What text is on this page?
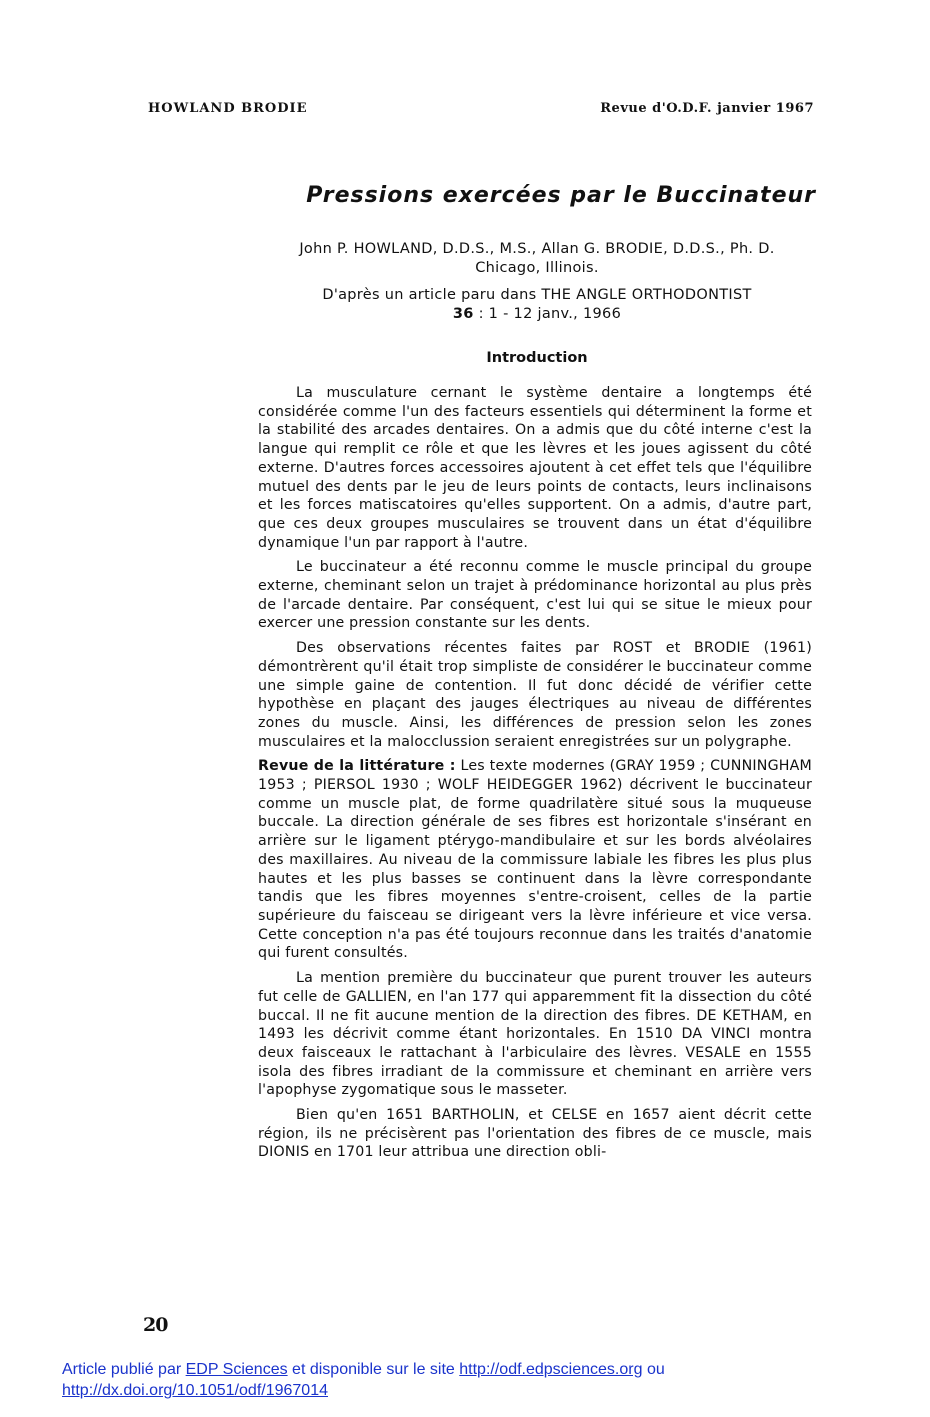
HOWLAND BRODIE	Revue d'O.D.F. janvier 1967
Pressions exercées par le Buccinateur
John P. HOWLAND, D.D.S., M.S., Allan G. BRODIE, D.D.S., Ph. D.
Chicago, Illinois.
D'après un article paru dans THE ANGLE ORTHODONTIST
36 : 1 - 12 janv., 1966
Introduction

La musculature cernant le système dentaire a longtemps été considérée comme l'un des facteurs essentiels qui déterminent la forme et la stabilité des arcades dentaires. On a admis que du côté interne c'est la langue qui remplit ce rôle et que les lèvres et les joues agissent du côté externe. D'autres forces accessoires ajoutent à cet effet tels que l'équilibre mutuel des dents par le jeu de leurs points de contacts, leurs inclinaisons et les forces matiscatoires qu'elles supportent. On a admis, d'autre part, que ces deux groupes musculaires se trouvent dans un état d'équilibre dynamique l'un par rapport à l'autre.

Le buccinateur a été reconnu comme le muscle principal du groupe externe, cheminant selon un trajet à prédominance horizontal au plus près de l'arcade dentaire. Par conséquent, c'est lui qui se situe le mieux pour exercer une pression constante sur les dents.

Des observations récentes faites par ROST et BRODIE (1961) démontrèrent qu'il était trop simpliste de considérer le buccinateur comme une simple gaine de contention. Il fut donc décidé de vérifier cette hypothèse en plaçant des jauges électriques au niveau de différentes zones du muscle. Ainsi, les différences de pression selon les zones musculaires et la malocclussion seraient enregistrées sur un polygraphe.

Revue de la littérature : Les texte modernes (GRAY 1959 ; CUNNINGHAM 1953 ; PIERSOL 1930 ; WOLF HEIDEGGER 1962) décrivent le buccinateur comme un muscle plat, de forme quadrilatère situé sous la muqueuse buccale. La direction générale de ses fibres est horizontale s'insérant en arrière sur le ligament ptérygo-mandibulaire et sur les bords alvéolaires des maxillaires. Au niveau de la commissure labiale les fibres les plus plus hautes et les plus basses se continuent dans la lèvre correspondante tandis que les fibres moyennes s'entre-croisent, celles de la partie supérieure du faisceau se dirigeant vers la lèvre inférieure et vice versa. Cette conception n'a pas été toujours reconnue dans les traités d'anatomie qui furent consultés.

La mention première du buccinateur que purent trouver les auteurs fut celle de GALLIEN, en l'an 177 qui apparemment fit la dissection du côté buccal. Il ne fit aucune mention de la direction des fibres. DE KETHAM, en 1493 les décrivit comme étant horizontales. En 1510 DA VINCI montra deux faisceaux le rattachant à l'arbiculaire des lèvres. VESALE en 1555 isola des fibres irradiant de la commissure et cheminant en arrière vers l'apophyse zygomatique sous le masseter.

Bien qu'en 1651 BARTHOLIN, et CELSE en 1657 aient décrit cette région, ils ne précisèrent pas l'orientation des fibres de ce muscle, mais DIONIS en 1701 leur attribua une direction obli-

20
Article publié par EDP Sciences et disponible sur le site http://odf.edpsciences.org ou
http://dx.doi.org/10.1051/odf/1967014
